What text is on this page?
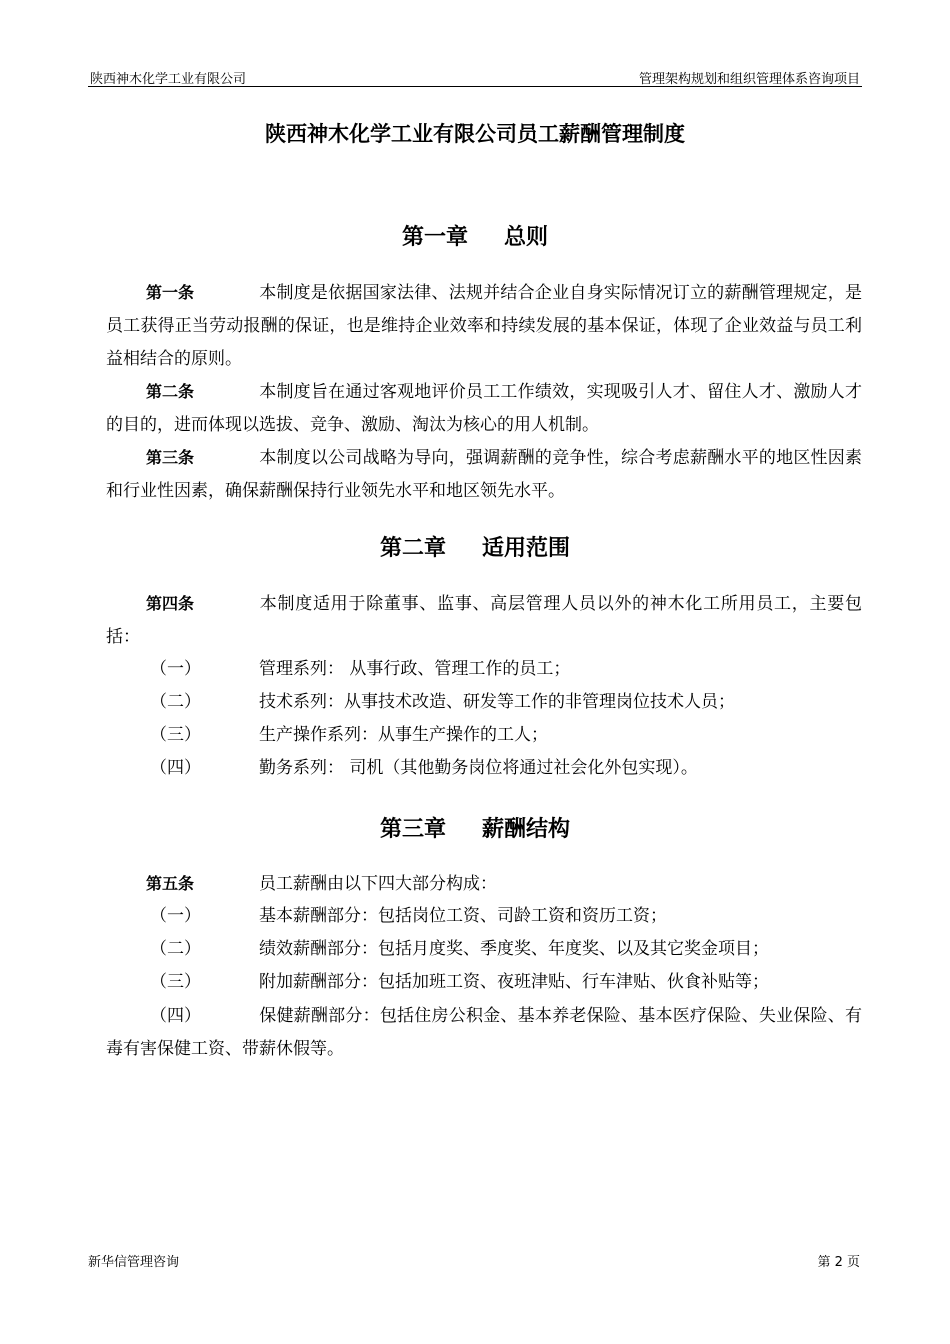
陕西神木化学工业有限公司	管理架构规划和组织管理体系咨询项目
陕西神木化学工业有限公司员工薪酬管理制度
第一章 总则
第一条	本制度是依据国家法律、法规并结合企业自身实际情况订立的薪酬管理规定，是员工获得正当劳动报酬的保证，也是维持企业效率和持续发展的基本保证，体现了企业效益与员工利益相结合的原则。
第二条	本制度旨在通过客观地评价员工工作绩效，实现吸引人才、留住人才、激励人才的目的，进而体现以选拔、竞争、激励、淘汰为核心的用人机制。
第三条	本制度以公司战略为导向，强调薪酬的竞争性，综合考虑薪酬水平的地区性因素和行业性因素，确保薪酬保持行业领先水平和地区领先水平。
第二章 适用范围
第四条	本制度适用于除董事、监事、高层管理人员以外的神木化工所用员工，主要包括：
（一）	管理系列： 从事行政、管理工作的员工；
（二）	技术系列：从事技术改造、研发等工作的非管理岗位技术人员；
（三）	生产操作系列：从事生产操作的工人；
（四）	勤务系列： 司机（其他勤务岗位将通过社会化外包实现）。
第三章 薪酬结构
第五条	员工薪酬由以下四大部分构成：
（一）	基本薪酬部分：包括岗位工资、司龄工资和资历工资；
（二）	绩效薪酬部分：包括月度奖、季度奖、年度奖、以及其它奖金项目；
（三）	附加薪酬部分：包括加班工资、夜班津贴、行车津贴、伙食补贴等；
（四）	保健薪酬部分：包括住房公积金、基本养老保险、基本医疗保险、失业保险、有毒有害保健工资、带薪休假等。
新华信管理咨询	第 2 页
